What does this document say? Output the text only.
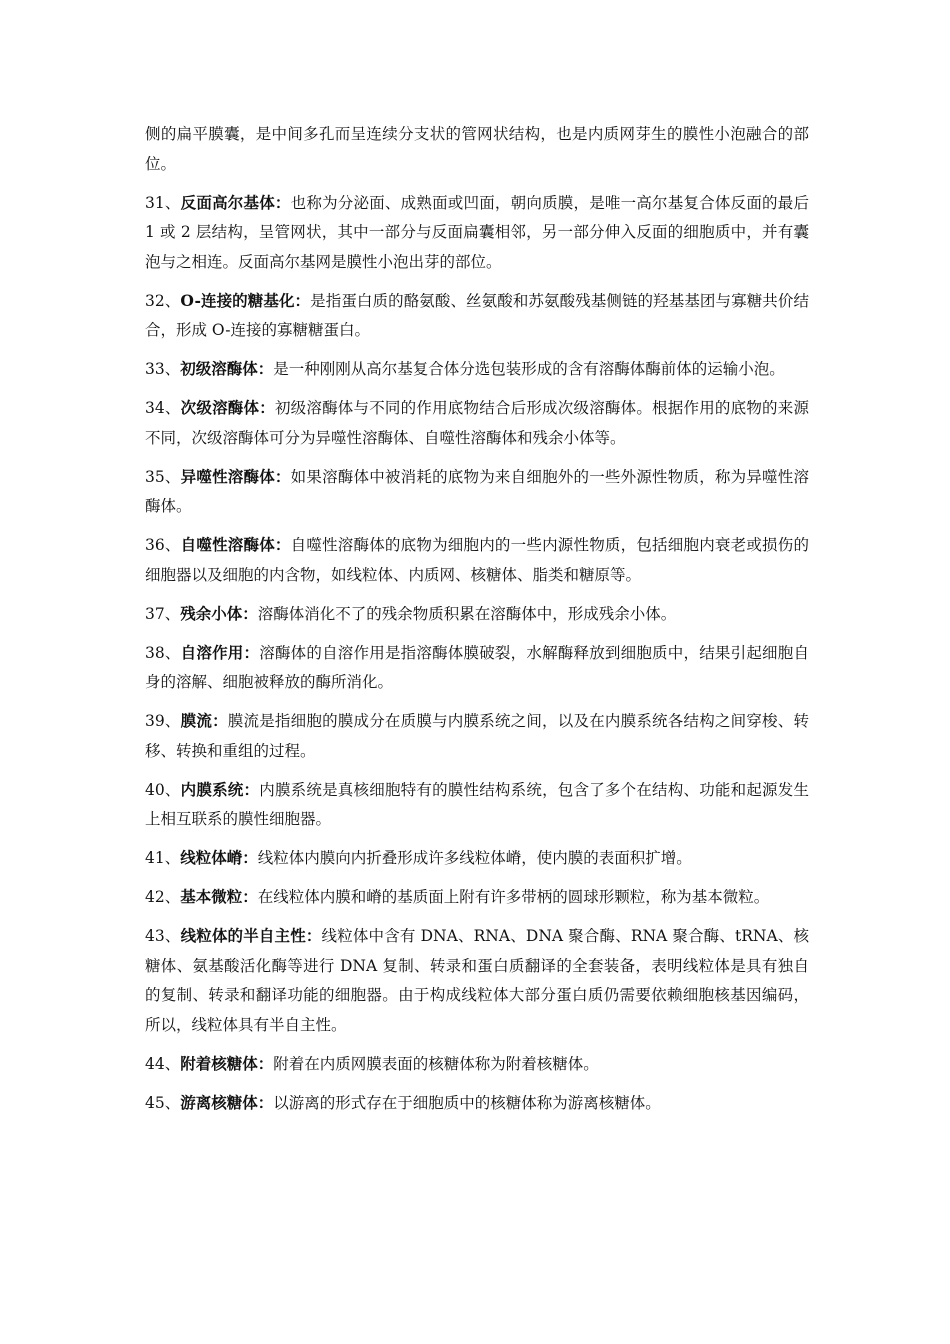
侧的扁平膜囊，是中间多孔而呈连续分支状的管网状结构，也是内质网芽生的膜性小泡融合的部位。

31、反面高尔基体：也称为分泌面、成熟面或凹面，朝向质膜，是唯一高尔基复合体反面的最后 1 或 2 层结构，呈管网状，其中一部分与反面扁囊相邻，另一部分伸入反面的细胞质中，并有囊泡与之相连。反面高尔基网是膜性小泡出芽的部位。

32、O-连接的糖基化：是指蛋白质的酪氨酸、丝氨酸和苏氨酸残基侧链的羟基基团与寡糖共价结合，形成 O-连接的寡糖糖蛋白。

33、初级溶酶体：是一种刚刚从高尔基复合体分选包装形成的含有溶酶体酶前体的运输小泡。

34、次级溶酶体：初级溶酶体与不同的作用底物结合后形成次级溶酶体。根据作用的底物的来源不同，次级溶酶体可分为异噬性溶酶体、自噬性溶酶体和残余小体等。

35、异噬性溶酶体：如果溶酶体中被消耗的底物为来自细胞外的一些外源性物质，称为异噬性溶酶体。

36、自噬性溶酶体：自噬性溶酶体的底物为细胞内的一些内源性物质，包括细胞内衰老或损伤的细胞器以及细胞的内含物，如线粒体、内质网、核糖体、脂类和糖原等。

37、残余小体：溶酶体消化不了的残余物质积累在溶酶体中，形成残余小体。

38、自溶作用：溶酶体的自溶作用是指溶酶体膜破裂，水解酶释放到细胞质中，结果引起细胞自身的溶解、细胞被释放的酶所消化。

39、膜流：膜流是指细胞的膜成分在质膜与内膜系统之间，以及在内膜系统各结构之间穿梭、转移、转换和重组的过程。

40、内膜系统：内膜系统是真核细胞特有的膜性结构系统，包含了多个在结构、功能和起源发生上相互联系的膜性细胞器。

41、线粒体嵴：线粒体内膜向内折叠形成许多线粒体嵴，使内膜的表面积扩增。

42、基本微粒：在线粒体内膜和嵴的基质面上附有许多带柄的圆球形颗粒，称为基本微粒。

43、线粒体的半自主性：线粒体中含有 DNA、RNA、DNA 聚合酶、RNA 聚合酶、tRNA、核糖体、氨基酸活化酶等进行 DNA 复制、转录和蛋白质翻译的全套装备，表明线粒体是具有独自的复制、转录和翻译功能的细胞器。由于构成线粒体大部分蛋白质仍需要依赖细胞核基因编码，所以，线粒体具有半自主性。

44、附着核糖体：附着在内质网膜表面的核糖体称为附着核糖体。

45、游离核糖体：以游离的形式存在于细胞质中的核糖体称为游离核糖体。
